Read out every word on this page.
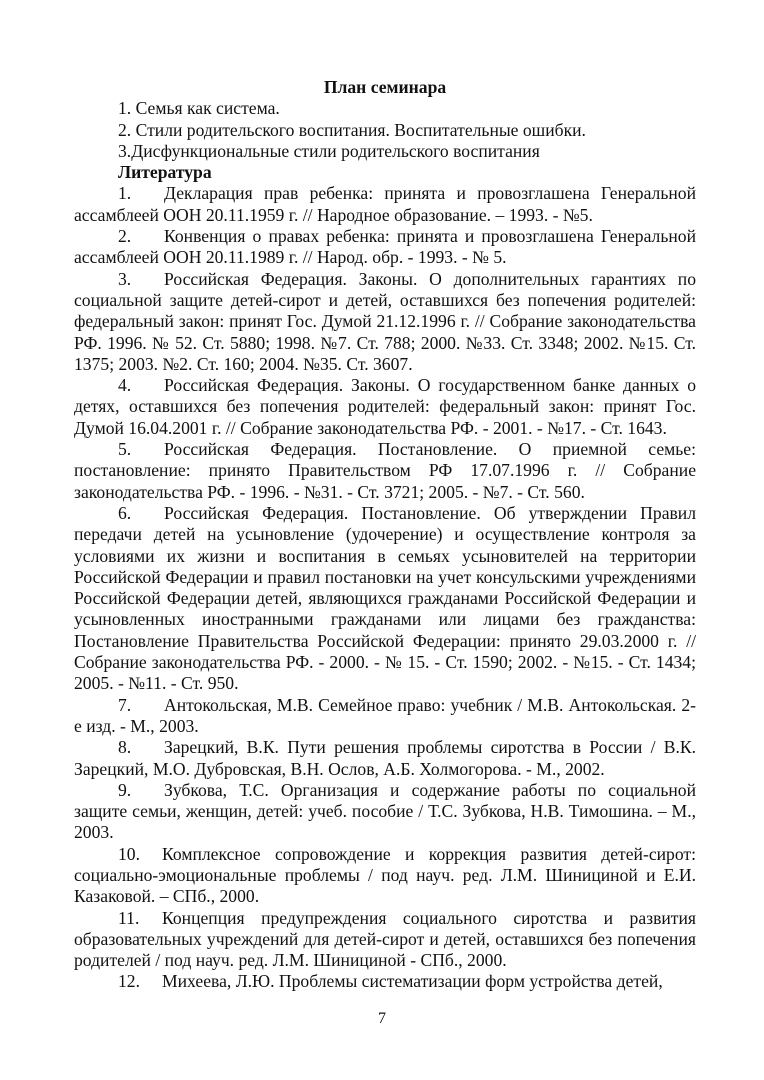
План семинара

1. Семья как система.

2. Стили родительского воспитания. Воспитательные ошибки.

3.Дисфункциональные стили родительского воспитания

Литература

1. Декларация прав ребенка: принята и провозглашена Генеральной ассамблеей ООН 20.11.1959 г. // Народное образование. – 1993. - №5.

2. Конвенция о правах ребенка: принята и провозглашена Генеральной ассамблеей ООН 20.11.1989 г. // Народ. обр. - 1993. - № 5.

3. Российская Федерация. Законы. О дополнительных гарантиях по социальной защите детей-сирот и детей, оставшихся без попечения родителей: федеральный закон: принят Гос. Думой 21.12.1996 г. // Собрание законодательства РФ. 1996. № 52. Ст. 5880; 1998. №7. Ст. 788; 2000. №33. Ст. 3348; 2002. №15. Ст. 1375; 2003. №2. Ст. 160; 2004. №35. Ст. 3607.

4. Российская Федерация. Законы. О государственном банке данных о детях, оставшихся без попечения родителей: федеральный закон: принят Гос. Думой 16.04.2001 г. // Собрание законодательства РФ. - 2001. - №17. - Ст. 1643.

5. Российская Федерация. Постановление. О приемной семье: постановление: принято Правительством РФ 17.07.1996 г. // Собрание законодательства РФ. - 1996. - №31. - Ст. 3721; 2005. - №7. - Ст. 560.

6. Российская Федерация. Постановление. Об утверждении Правил передачи детей на усыновление (удочерение) и осуществление контроля за условиями их жизни и воспитания в семьях усыновителей на территории Российской Федерации и правил постановки на учет консульскими учреждениями Российской Федерации детей, являющихся гражданами Российской Федерации и усыновленных иностранными гражданами или лицами без гражданства: Постановление Правительства Российской Федерации: принято 29.03.2000 г. // Собрание законодательства РФ. - 2000. - № 15. - Ст. 1590; 2002. - №15. - Ст. 1434; 2005. - №11. - Ст. 950.

7. Антокольская, М.В. Семейное право: учебник / М.В. Антокольская. 2-е изд. - М., 2003.

8. Зарецкий, В.К. Пути решения проблемы сиротства в России / В.К. Зарецкий, М.О. Дубровская, В.Н. Ослов, А.Б. Холмогорова. - М., 2002.

9. Зубкова, Т.С. Организация и содержание работы по социальной защите семьи, женщин, детей: учеб. пособие / Т.С. Зубкова, Н.В. Тимошина. – М., 2003.

10. Комплексное сопровождение и коррекция развития детей-сирот: социально-эмоциональные проблемы / под науч. ред. Л.М. Шинициной и Е.И. Казаковой. – СПб., 2000.

11. Концепция предупреждения социального сиротства и развития образовательных учреждений для детей-сирот и детей, оставшихся без попечения родителей / под науч. ред. Л.М. Шинициной - СПб., 2000.

12. Михеева, Л.Ю. Проблемы систематизации форм устройства детей,

7
